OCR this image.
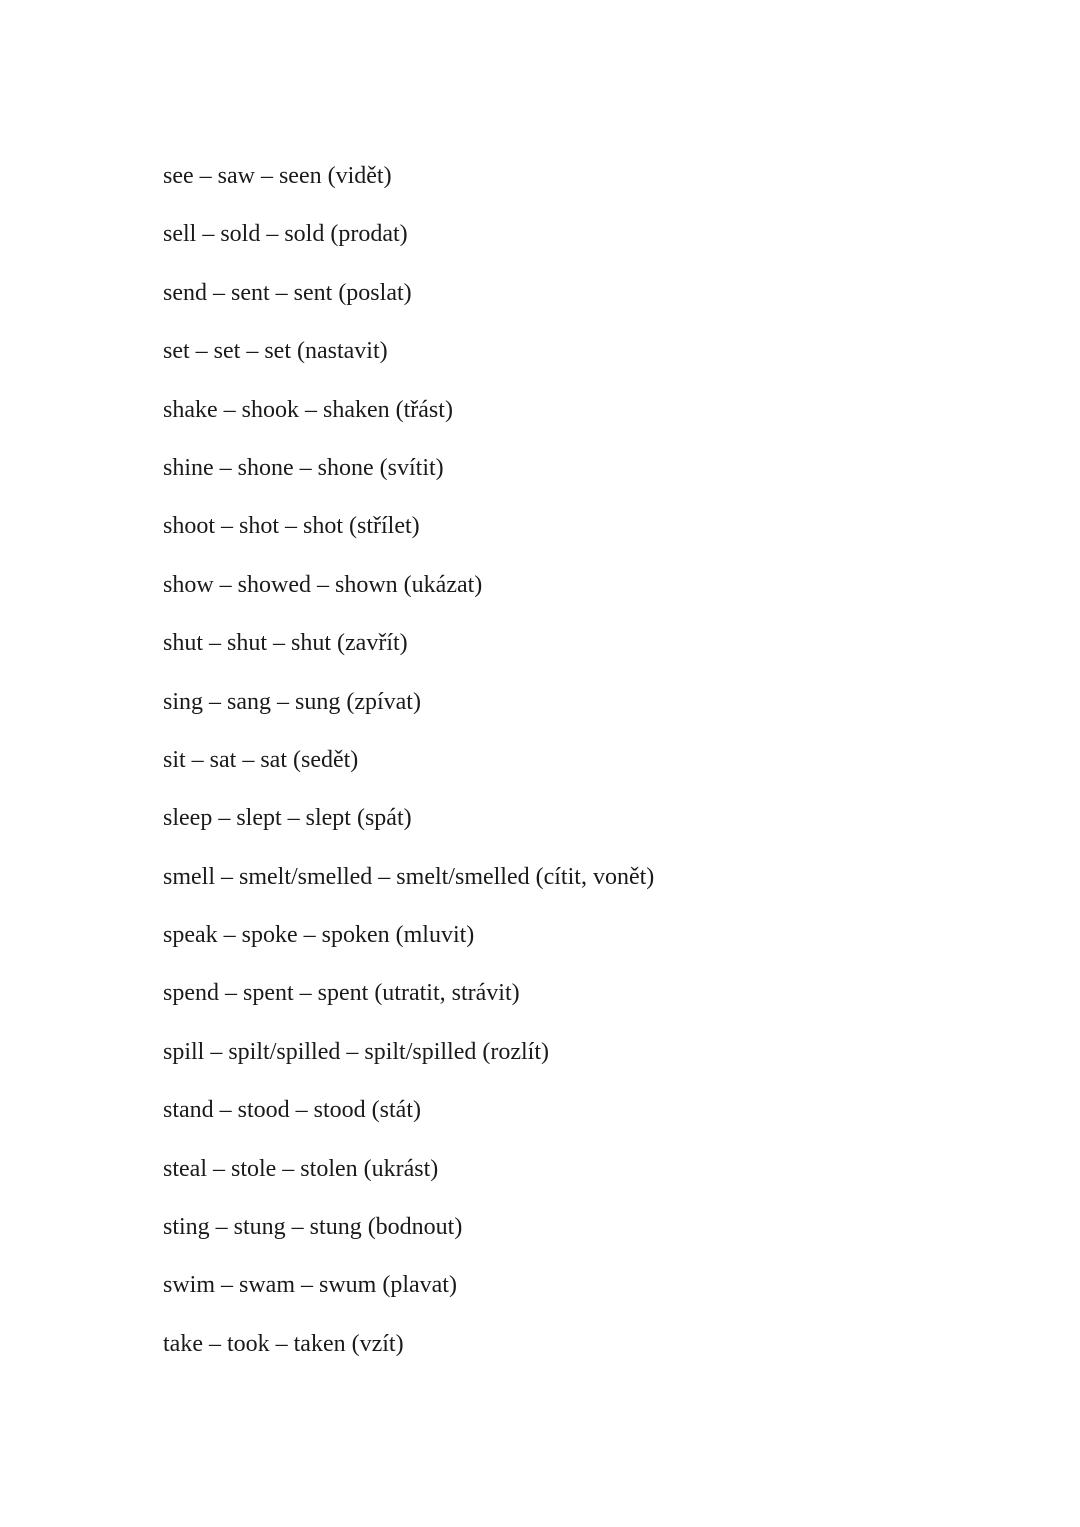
see – saw – seen (vidět)
sell – sold – sold (prodat)
send – sent – sent (poslat)
set – set – set (nastavit)
shake – shook – shaken (třást)
shine – shone – shone (svítit)
shoot – shot – shot (střílet)
show – showed – shown (ukázat)
shut – shut – shut (zavřít)
sing – sang – sung (zpívat)
sit – sat – sat (sedět)
sleep – slept – slept (spát)
smell – smelt/smelled – smelt/smelled (cítit, vonět)
speak – spoke – spoken (mluvit)
spend – spent – spent (utratit, strávit)
spill – spilt/spilled – spilt/spilled (rozlít)
stand – stood – stood (stát)
steal – stole – stolen (ukrást)
sting – stung – stung (bodnout)
swim – swam – swum (plavat)
take – took – taken (vzít)
